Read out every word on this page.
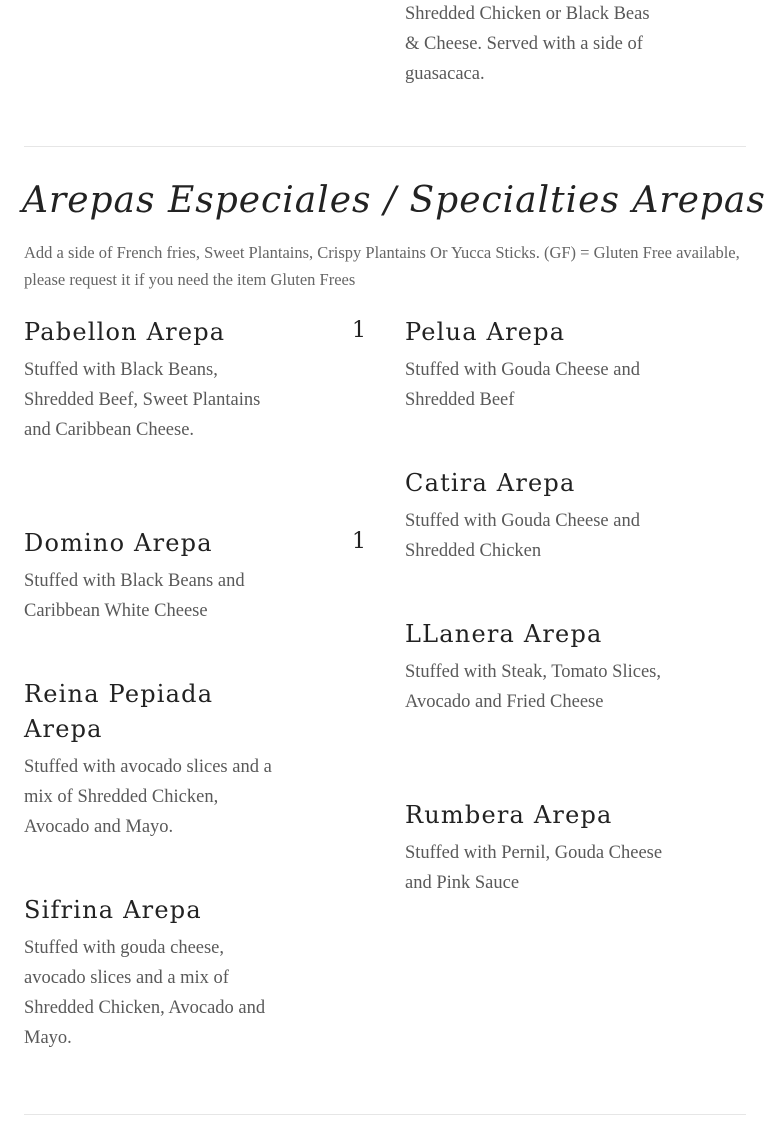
Shredded Chicken or Black Beas & Cheese. Served with a side of guasacaca.
Arepas Especiales / Specialties Arepas

Add a side of French fries, Sweet Plantains, Crispy Plantains Or Yucca Sticks. (GF) = Gluten Free available, please request it if you need the item Gluten Frees

Pabellon Arepa

Stuffed with Black Beans, Shredded Beef, Sweet Plantains and Caribbean Cheese.

1
Domino Arepa

Stuffed with Black Beans and Caribbean White Cheese

1
Reina Pepiada Arepa

Stuffed with avocado slices and a mix of Shredded Chicken, Avocado and Mayo.

Sifrina Arepa

Stuffed with gouda cheese, avocado slices and a mix of Shredded Chicken, Avocado and Mayo.

Pelua Arepa

Stuffed with Gouda Cheese and Shredded Beef

Catira Arepa

Stuffed with Gouda Cheese and Shredded Chicken

LLanera Arepa

Stuffed with Steak, Tomato Slices, Avocado and Fried Cheese

Rumbera Arepa

Stuffed with Pernil, Gouda Cheese and Pink Sauce
